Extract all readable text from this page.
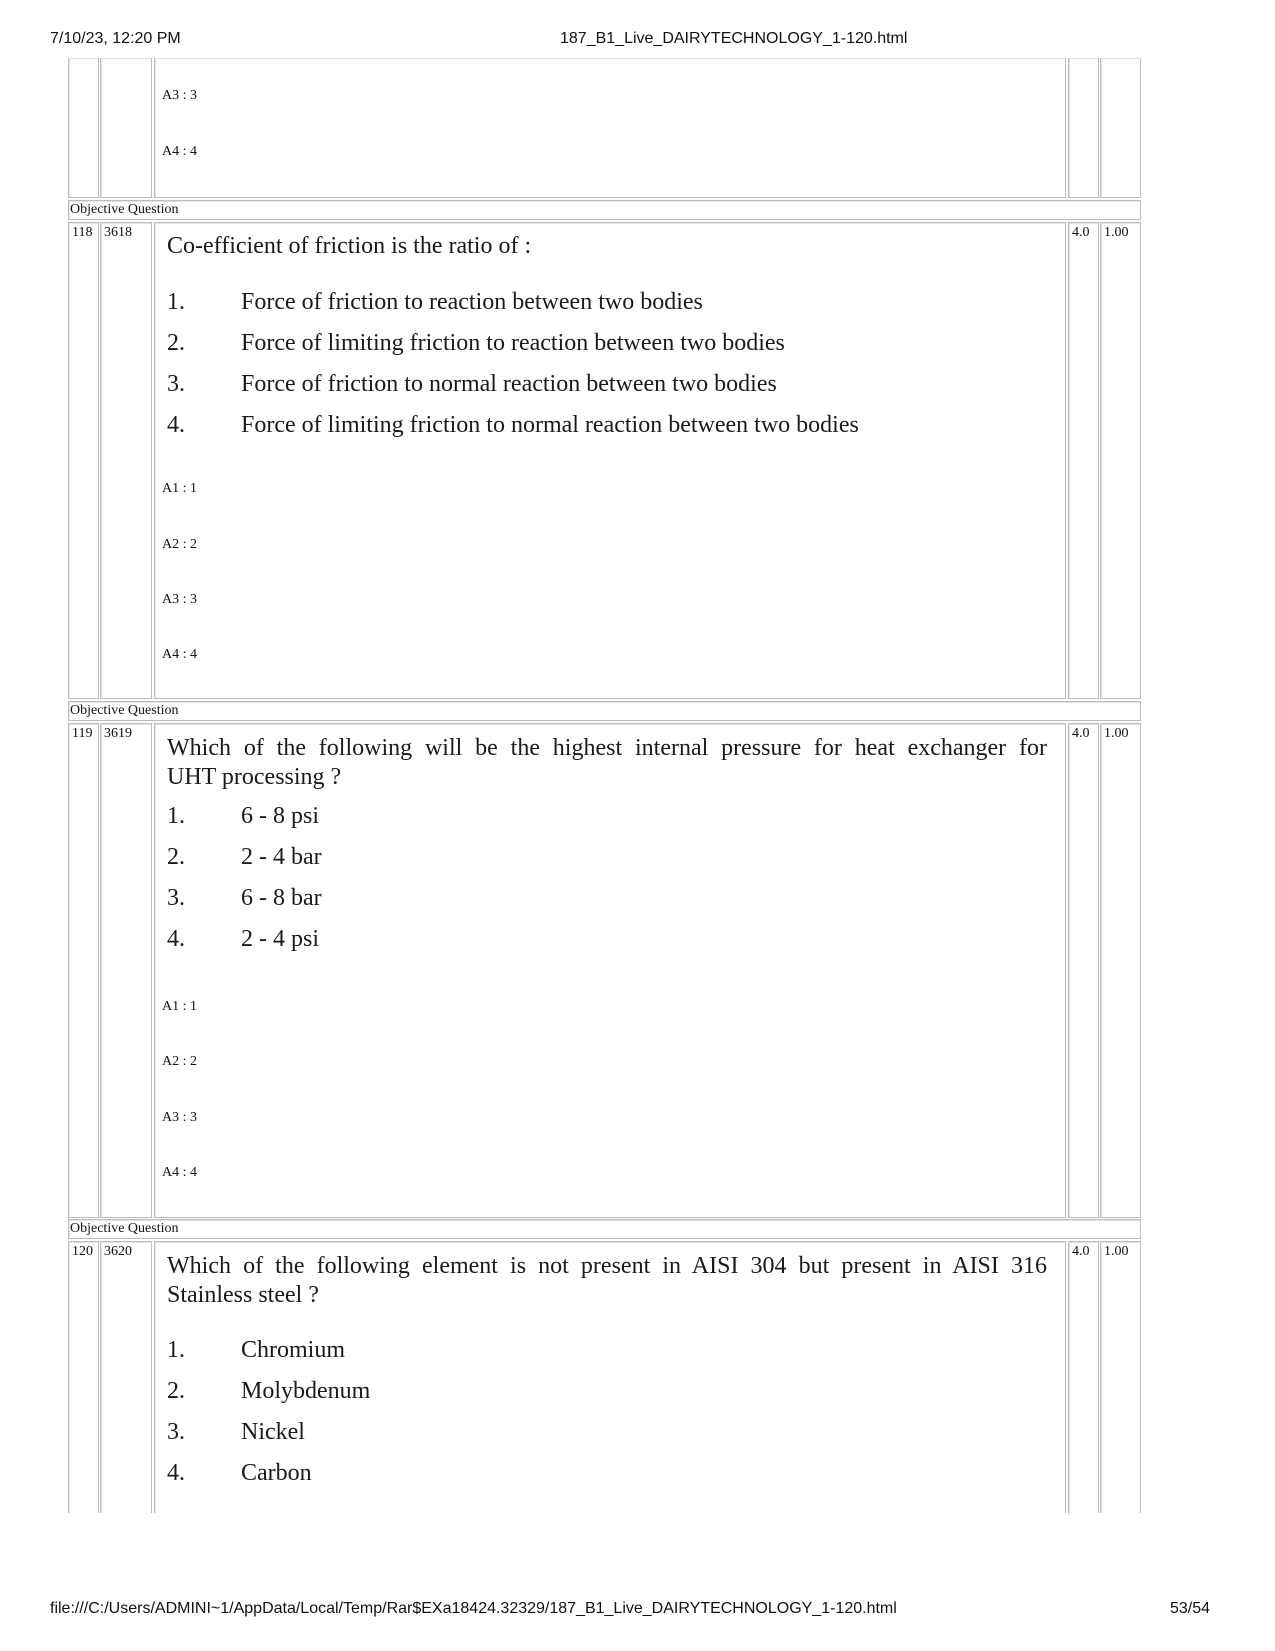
7/10/23, 12:20 PM	187_B1_Live_DAIRYTECHNOLOGY_1-120.html
A3 : 3
A4 : 4
Objective Question
118 3618
Co-efficient of friction is the ratio of :
1. Force of friction to reaction between two bodies
2. Force of limiting friction to reaction between two bodies
3. Force of friction to normal reaction between two bodies
4. Force of limiting friction to normal reaction between two bodies
A1 : 1
A2 : 2
A3 : 3
A4 : 4
4.0 1.00
Objective Question
119 3619
Which of the following will be the highest internal pressure for heat exchanger for
UHT processing ?
1. 6 - 8 psi
2. 2 - 4 bar
3. 6 - 8 bar
4. 2 - 4 psi
A1 : 1
A2 : 2
A3 : 3
A4 : 4
4.0 1.00
Objective Question
120 3620
Which of the following element is not present in AISI 304 but present in AISI 316
Stainless steel ?
1. Chromium
2. Molybdenum
3. Nickel
4. Carbon
4.0 1.00
file:///C:/Users/ADMINI~1/AppData/Local/Temp/Rar$EXa18424.32329/187_B1_Live_DAIRYTECHNOLOGY_1-120.html	53/54
